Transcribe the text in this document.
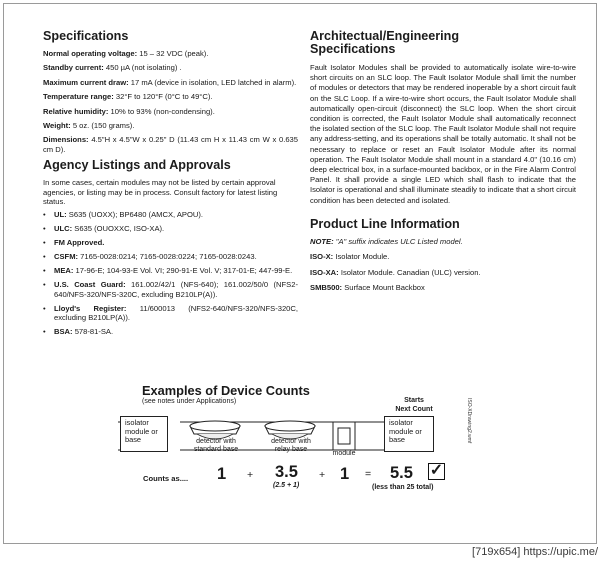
Specifications
Normal operating voltage: 15 – 32 VDC (peak).
Standby current: 450 µA (not isolating) .
Maximum current draw: 17 mA (device in isolation, LED latched in alarm).
Temperature range: 32°F to 120°F (0°C to 49°C).
Relative humidity: 10% to 93% (non-condensing).
Weight: 5 oz. (150 grams).
Dimensions: 4.5"H x 4.5"W x 0.25" D (11.43 cm H x 11.43 cm W x 0.635 cm D).
Agency Listings and Approvals
In some cases, certain modules may not be listed by certain approval agencies, or listing may be in process. Consult factory for latest listing status.
• UL: S635 (UOXX); BP6480 (AMCX, APOU).
• ULC: S635 (OUOXXC, ISO-XA).
• FM Approved.
• CSFM: 7165-0028:0214; 7165-0028:0224; 7165-0028:0243.
• MEA: 17-96-E; 104-93-E Vol. VI; 290-91-E Vol. V; 317-01-E; 447-99-E.
• U.S. Coast Guard: 161.002/42/1 (NFS-640); 161.002/50/0 (NFS2-640/NFS-320/NFS-320C, excluding B210LP(A)).
• Lloyd's Register: 11/600013 (NFS2-640/NFS-320/NFS-320C, excluding B210LP(A)).
• BSA: 578-81-SA.
Architectual/Engineering
Specifications
Fault Isolator Modules shall be provided to automatically isolate wire-to-wire short circuits on an SLC loop. The Fault Isolator Module shall limit the number of modules or detectors that may be rendered inoperable by a short circuit fault on the SLC Loop. If a wire-to-wire short occurs, the Fault Isolator Module shall automatically open-circuit (disconnect) the SLC loop. When the short circuit condition is corrected, the Fault Isolator Module shall automatically reconnect the isolated section of the SLC loop. The Fault Isolator Module shall not require any address-setting, and its operations shall be totally automatic. It shall not be necessary to replace or reset an Fault Isolator Module after its normal operation. The Fault Isolator Module shall mount in a standard 4.0" (10.16 cm) deep electrical box, in a surface-mounted backbox, or in the Fire Alarm Control Panel. It shall provide a single LED which shall flash to indicate that the Isolator is operational and shall illuminate steadily to indicate that a short circuit condition has been detected and isolated.
Product Line Information
NOTE: "A" suffix indicates ULC Listed model.
ISO-X: Isolator Module.
ISO-XA: Isolator Module. Canadian (ULC) version.
SMB500: Surface Mount Backbox
Examples of Device Counts
(see notes under Applications)	Starts
Next Count	ISO-XDrawing2.wmf
isolator module or base
isolator module or base
detector with standard base
detector with relay base
module
Counts as.... 1 + 3.5
(2.5 + 1)
+ 1 = 5.5 ✓
(less than 25 total)
[719x654] https://upic.me/
